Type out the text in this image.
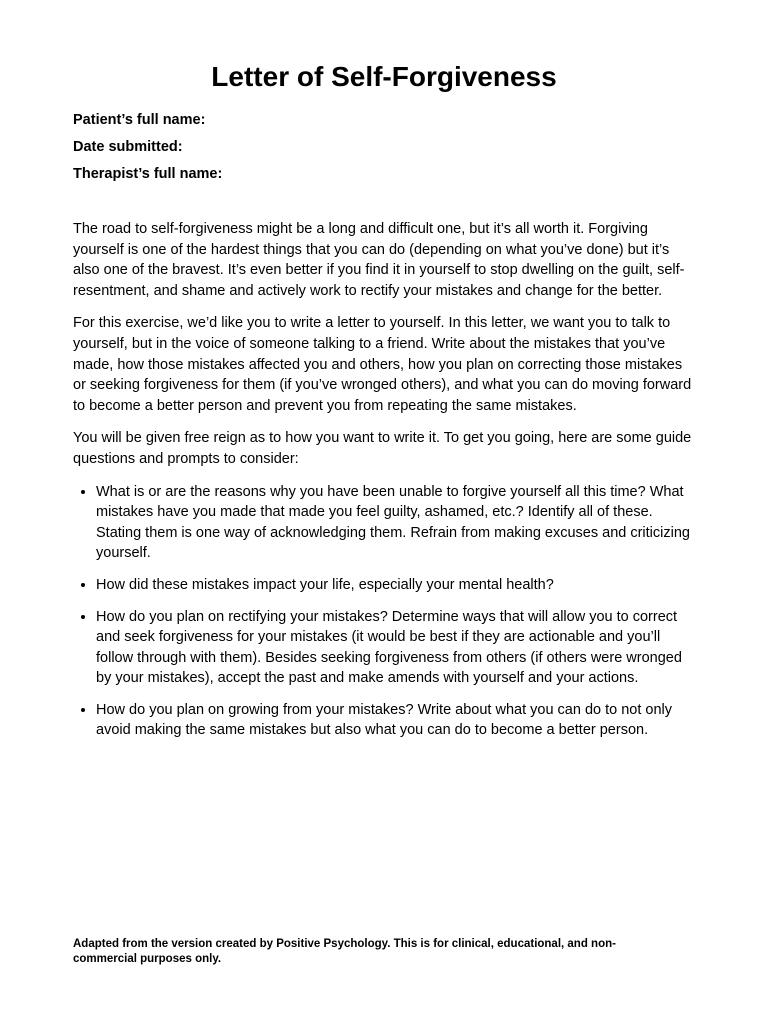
Letter of Self-Forgiveness
Patient’s full name:
Date submitted:
Therapist’s full name:

The road to self-forgiveness might be a long and difficult one, but it’s all worth it. Forgiving yourself is one of the hardest things that you can do (depending on what you’ve done) but it’s also one of the bravest. It’s even better if you find it in yourself to stop dwelling on the guilt, self-resentment, and shame and actively work to rectify your mistakes and change for the better.

For this exercise, we’d like you to write a letter to yourself. In this letter, we want you to talk to yourself, but in the voice of someone talking to a friend. Write about the mistakes that you’ve made, how those mistakes affected you and others, how you plan on correcting those mistakes or seeking forgiveness for them (if you’ve wronged others), and what you can do moving forward to become a better person and prevent you from repeating the same mistakes.

You will be given free reign as to how you want to write it. To get you going, here are some guide questions and prompts to consider:

• What is or are the reasons why you have been unable to forgive yourself all this time? What mistakes have you made that made you feel guilty, ashamed, etc.? Identify all of these. Stating them is one way of acknowledging them. Refrain from making excuses and criticizing yourself.
• How did these mistakes impact your life, especially your mental health?
• How do you plan on rectifying your mistakes? Determine ways that will allow you to correct and seek forgiveness for your mistakes (it would be best if they are actionable and you’ll follow through with them). Besides seeking forgiveness from others (if others were wronged by your mistakes), accept the past and make amends with yourself and your actions.
• How do you plan on growing from your mistakes? Write about what you can do to not only avoid making the same mistakes but also what you can do to become a better person.

Adapted from the version created by Positive Psychology. This is for clinical, educational, and non-commercial purposes only.
